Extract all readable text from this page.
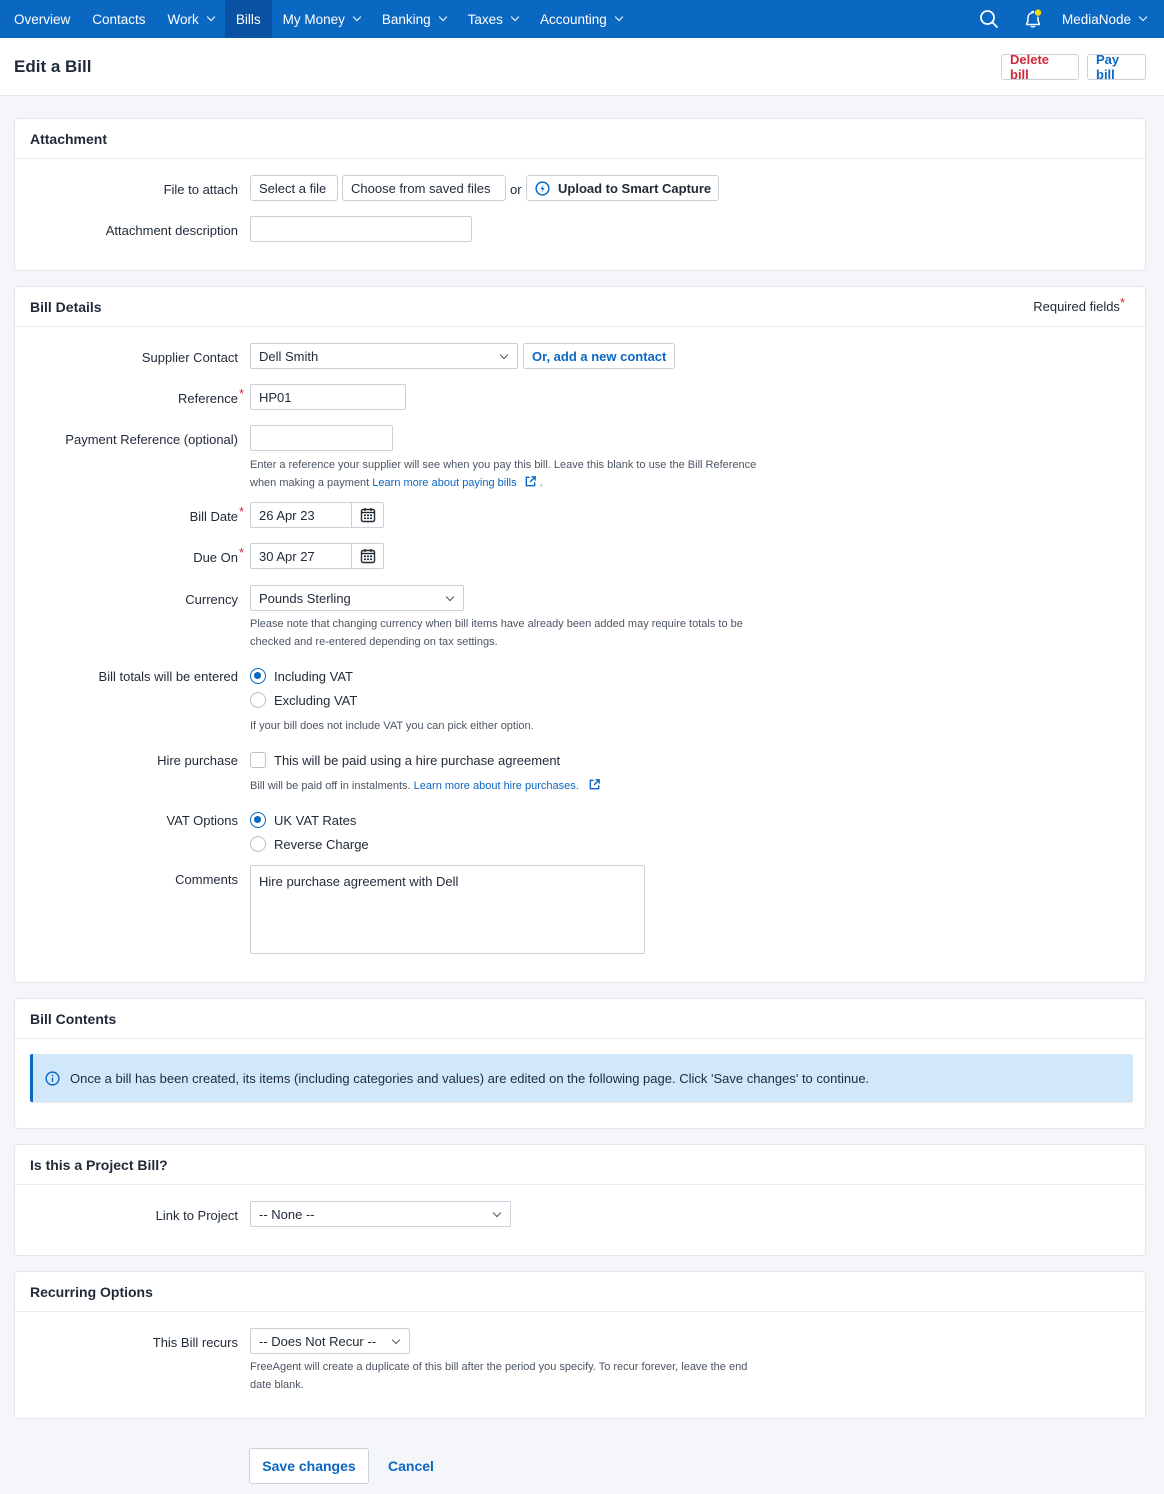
Overview Contacts Work	Bills My Money	Banking	Taxes	Accounting	MediaNode
Edit a Bill	Delete bill
Pay bill
Attachment
File to attach	Select a file	Choose from saved files	or	Upload to Smart Capture
Attachment description
Bill Details	Required fields*
Supplier Contact Dell Smith	Or, add a new contact
Reference *	HP01
Payment Reference (optional)
Enter a reference your supplier will see when you pay this bill. Leave this blank to use the Bill Reference
when making a payment Learn more about paying bills .
Bill Date *	26 Apr 23
Due On *	30 Apr 27
Currency Pounds Sterling
Please note that changing currency when bill items have already been added may require totals to be
checked and re-entered depending on tax settings.
Bill totals will be entered	Including VAT
Excluding VAT
If your bill does not include VAT you can pick either option.
Hire purchase	This will be paid using a hire purchase agreement
Bill will be paid off in instalments. Learn more about hire purchases.
VAT Options	UK VAT Rates
Reverse Charge
Comments	Hire purchase agreement with Dell
Bill Contents
Once a bill has been created, its items (including categories and values) are edited on the following page. Click 'Save changes' to continue.
Is this a Project Bill?
Link to Project -- None --
Recurring Options
This Bill recurs -- Does Not Recur --
FreeAgent will create a duplicate of this bill after the period you specify. To recur forever, leave the end
date blank.
Save changes	Cancel
